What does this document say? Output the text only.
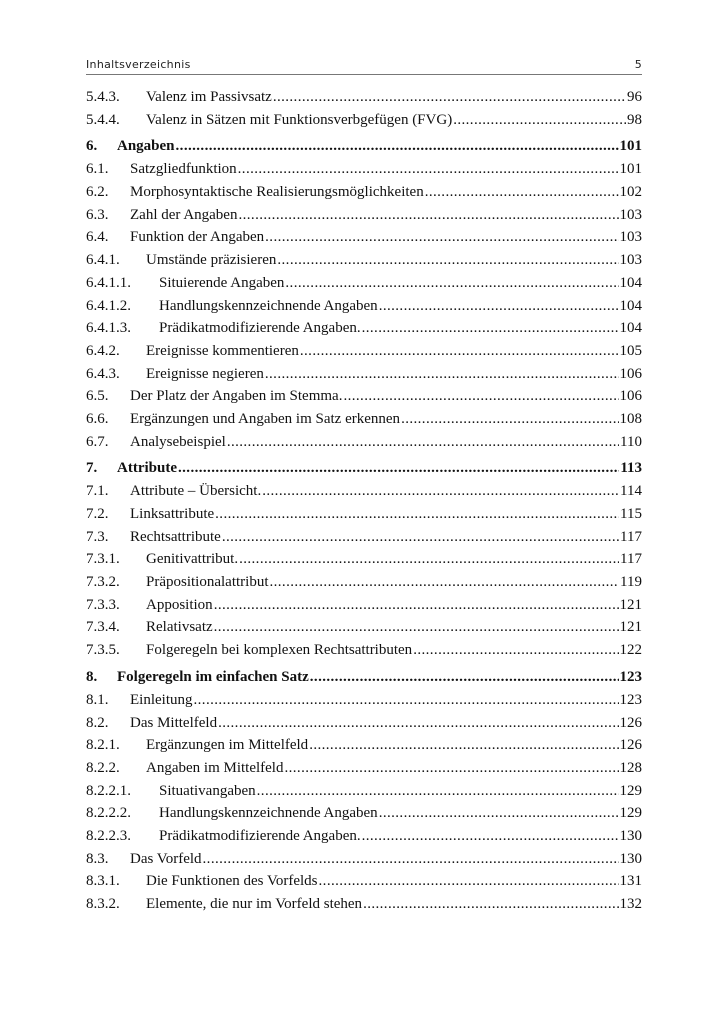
Inhaltsverzeichnis	5
5.4.3.	Valenz im Passivsatz .....	96
5.4.4.	Valenz in Sätzen mit Funktionsverbgefügen (FVG) .....	98
6.	Angaben .....	101
6.1.	Satzgliedfunktion .....	101
6.2.	Morphosyntaktische Realisierungsmöglichkeiten .....	102
6.3.	Zahl der Angaben .....	103
6.4.	Funktion der Angaben .....	103
6.4.1.	Umstände präzisieren .....	103
6.4.1.1.	Situierende Angaben .....	104
6.4.1.2.	Handlungskennzeichnende Angaben .....	104
6.4.1.3.	Prädikatmodifizierende Angaben. .....	104
6.4.2.	Ereignisse kommentieren .....	105
6.4.3.	Ereignisse negieren .....	106
6.5.	Der Platz der Angaben im Stemma. .....	106
6.6.	Ergänzungen und Angaben im Satz erkennen .....	108
6.7.	Analysebeispiel .....	110
7.	Attribute .....	113
7.1.	Attribute – Übersicht. .....	114
7.2.	Linksattribute .....	115
7.3.	Rechtsattribute .....	117
7.3.1.	Genitivattribut. .....	117
7.3.2.	Präpositionalattribut .....	119
7.3.3.	Apposition .....	121
7.3.4.	Relativsatz .....	121
7.3.5.	Folgeregeln bei komplexen Rechtsattributen .....	122
8.	Folgeregeln im einfachen Satz .....	123
8.1.	Einleitung .....	123
8.2.	Das Mittelfeld .....	126
8.2.1.	Ergänzungen im Mittelfeld .....	126
8.2.2.	Angaben im Mittelfeld .....	128
8.2.2.1.	Situativangaben .....	129
8.2.2.2.	Handlungskennzeichnende Angaben .....	129
8.2.2.3.	Prädikatmodifizierende Angaben. .....	130
8.3.	Das Vorfeld .....	130
8.3.1.	Die Funktionen des Vorfelds .....	131
8.3.2.	Elemente, die nur im Vorfeld stehen .....	132
